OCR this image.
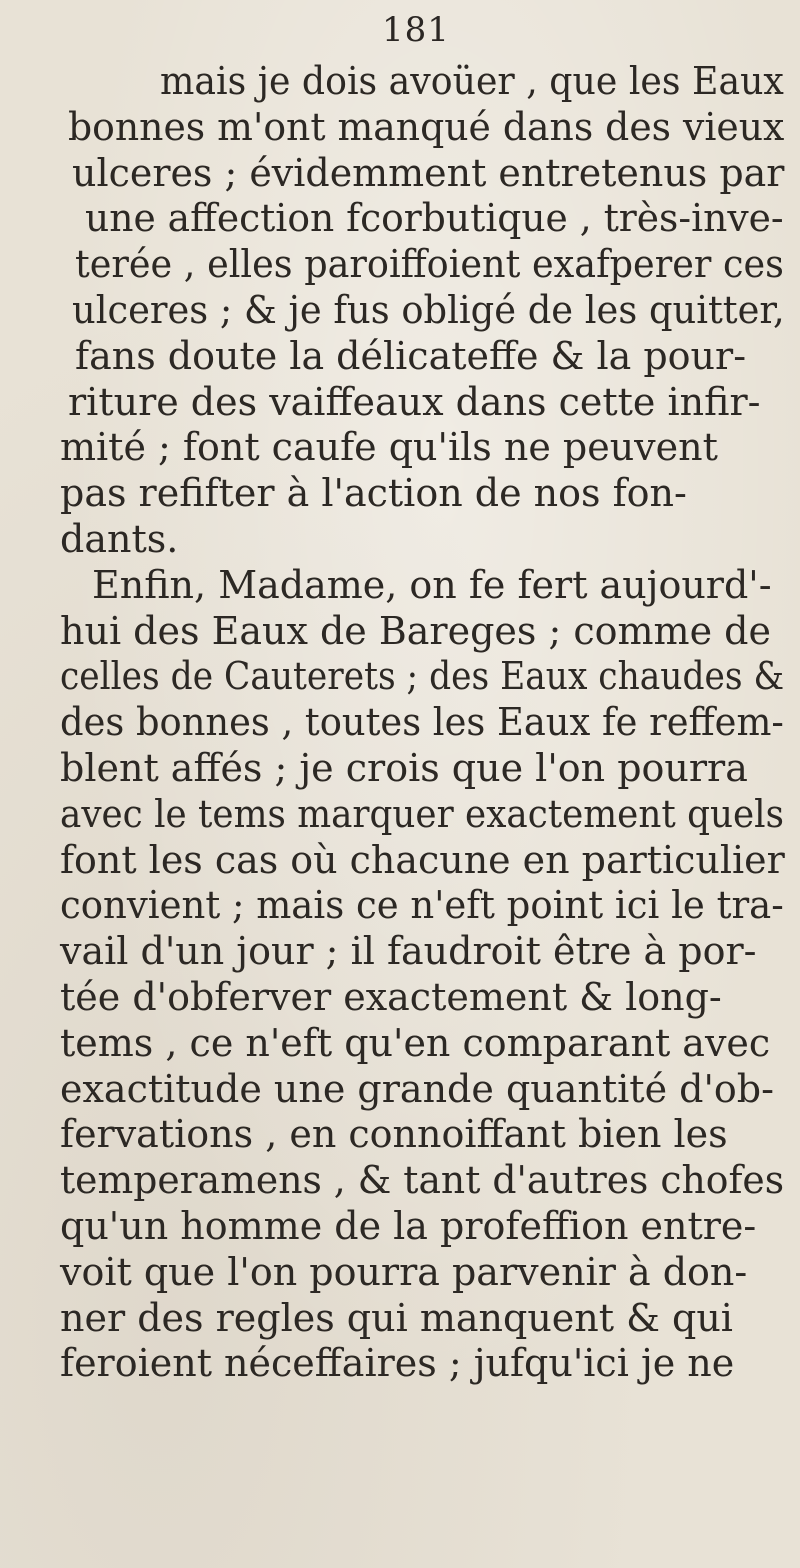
181
mais je dois avoüer , que les Eaux
bonnes m'ont manqué dans des vieux
ulceres ; évidemment entretenus par
une affection fcorbutique , très-inve-
terée , elles paroiffoient exafperer ces
ulceres ; & je fus obligé de les quitter,
fans doute la délicateffe & la pour-
riture des vaiffeaux dans cette infir-
mité ; font caufe qu'ils ne peuvent
pas refifter à l'action de nos fon-
dants.
Enfin, Madame, on fe fert aujourd'-
hui des Eaux de Bareges ; comme de
celles de Cauterets ; des Eaux chaudes &
des bonnes , toutes les Eaux fe reffem-
blent affés ; je crois que l'on pourra
avec le tems marquer exactement quels
font les cas où chacune en particulier
convient ; mais ce n'eft point ici le tra-
vail d'un jour ; il faudroit être à por-
tée d'obferver exactement & long-
tems , ce n'eft qu'en comparant avec
exactitude une grande quantité d'ob-
fervations , en connoiffant bien les
temperamens , & tant d'autres chofes
qu'un homme de la profeffion entre-
voit que l'on pourra parvenir à don-
ner des regles qui manquent & qui
feroient néceffaires ; jufqu'ici je ne
